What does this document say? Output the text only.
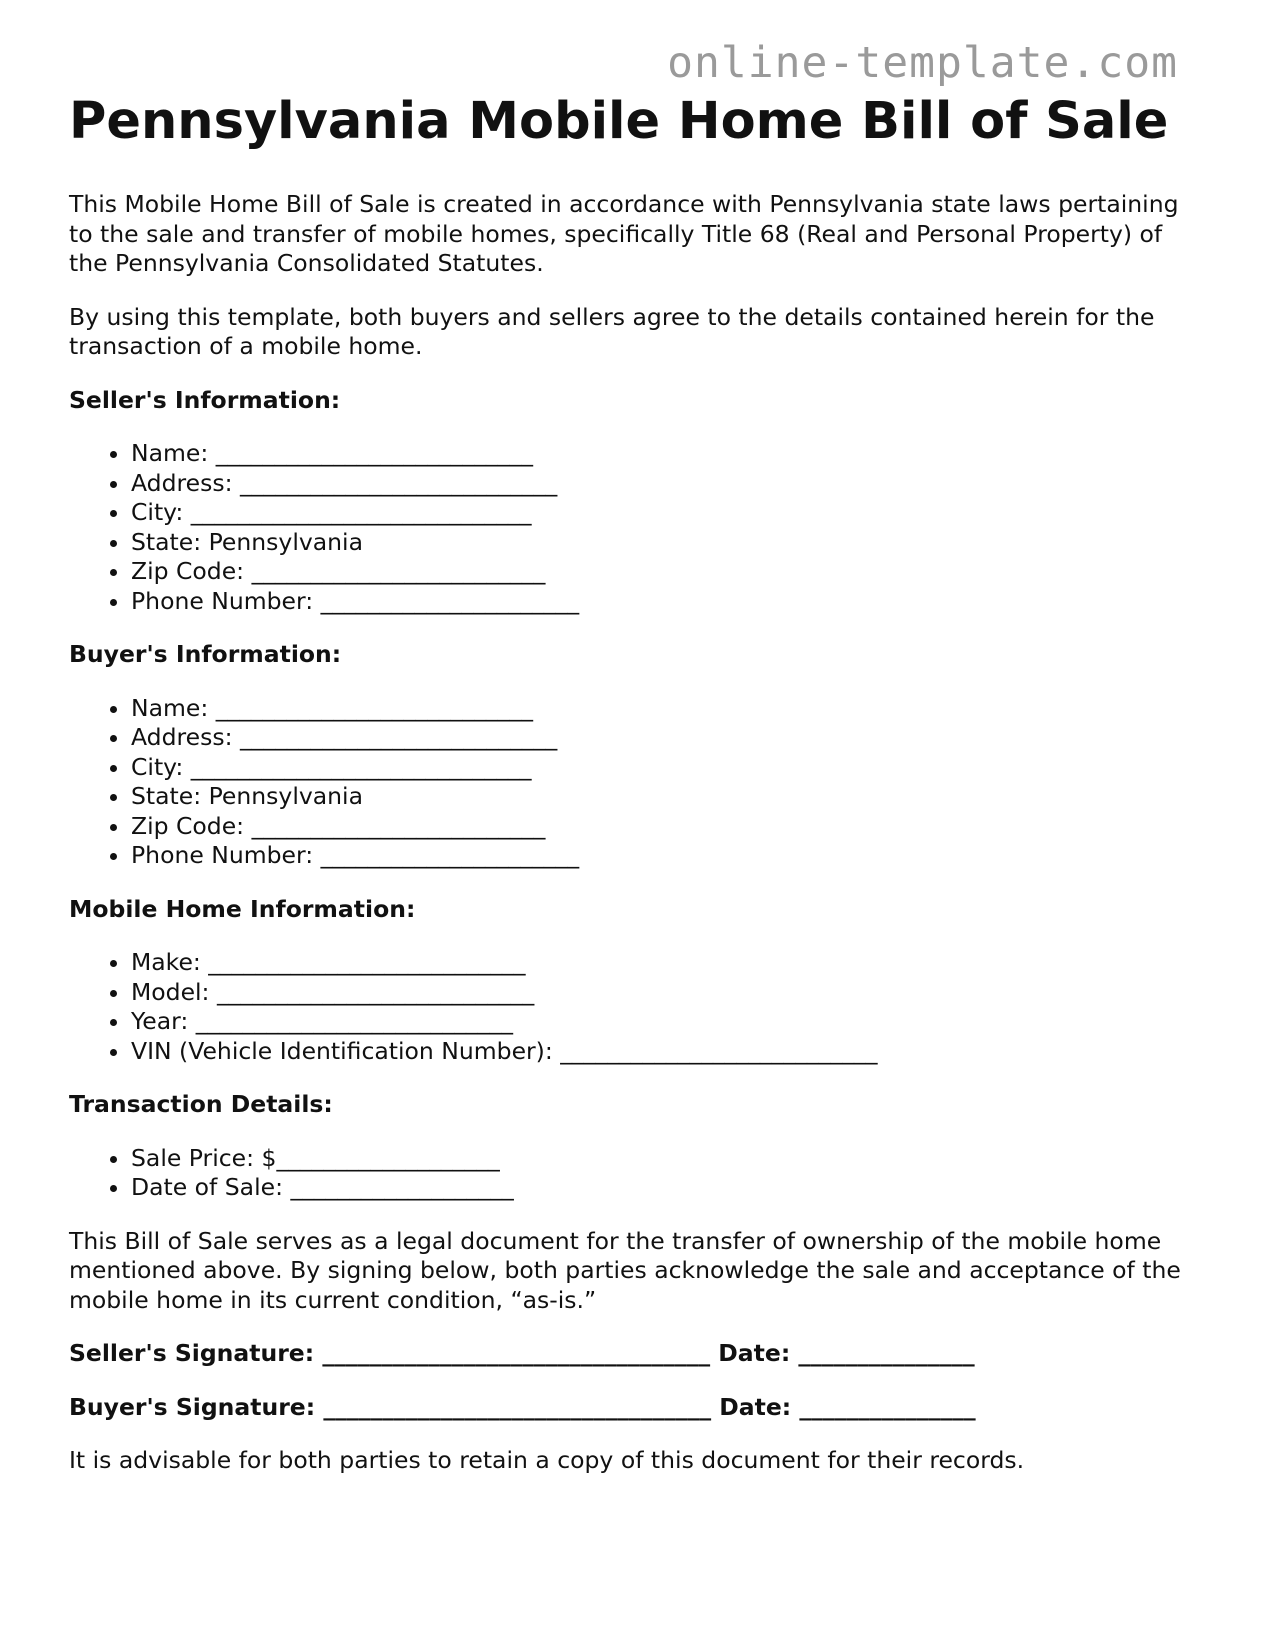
online-template.com
Pennsylvania Mobile Home Bill of Sale

This Mobile Home Bill of Sale is created in accordance with Pennsylvania state laws pertaining to the sale and transfer of mobile homes, specifically Title 68 (Real and Personal Property) of the Pennsylvania Consolidated Statutes.

By using this template, both buyers and sellers agree to the details contained herein for the transaction of a mobile home.

Seller's Information:
• Name: ___________________________
• Address: ___________________________
• City: _____________________________
• State: Pennsylvania
• Zip Code: _________________________
• Phone Number: ______________________
Buyer's Information:
• Name: ___________________________
• Address: ___________________________
• City: _____________________________
• State: Pennsylvania
• Zip Code: _________________________
• Phone Number: ______________________
Mobile Home Information:
• Make: ___________________________
• Model: ___________________________
• Year: ___________________________
• VIN (Vehicle Identification Number): ___________________________
Transaction Details:
• Sale Price: $___________________
• Date of Sale: ___________________

This Bill of Sale serves as a legal document for the transfer of ownership of the mobile home mentioned above. By signing below, both parties acknowledge the sale and acceptance of the mobile home in its current condition, “as-is.”

Seller's Signature: _________________________________ Date: _______________
Buyer's Signature: _________________________________ Date: _______________

It is advisable for both parties to retain a copy of this document for their records.
